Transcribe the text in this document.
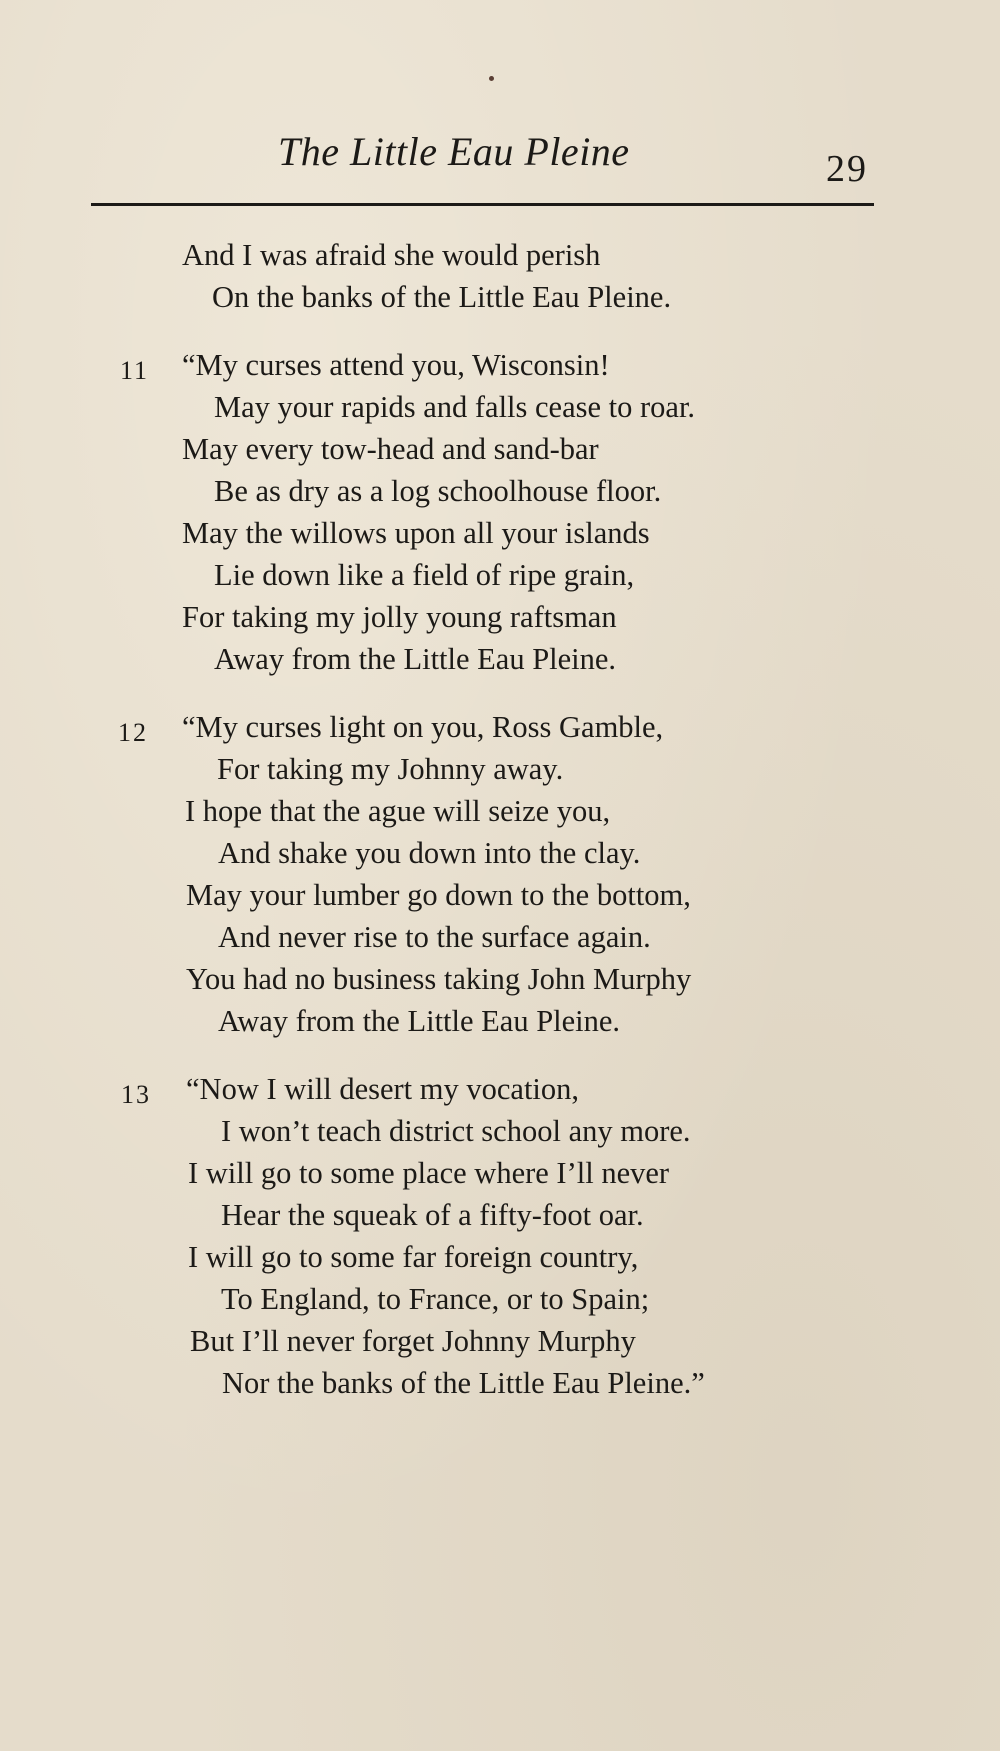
The Little Eau Pleine	29
And I was afraid she would perish
On the banks of the Little Eau Pleine.
11 “My curses attend you, Wisconsin!
May your rapids and falls cease to roar.
May every tow-head and sand-bar
Be as dry as a log schoolhouse floor.
May the willows upon all your islands
Lie down like a field of ripe grain,
For taking my jolly young raftsman
Away from the Little Eau Pleine.
12 “My curses light on you, Ross Gamble,
For taking my Johnny away.
I hope that the ague will seize you,
And shake you down into the clay.
May your lumber go down to the bottom,
And never rise to the surface again.
You had no business taking John Murphy
Away from the Little Eau Pleine.
13 “Now I will desert my vocation,
I won’t teach district school any more.
I will go to some place where I’ll never
Hear the squeak of a fifty-foot oar.
I will go to some far foreign country,
To England, to France, or to Spain;
But I’ll never forget Johnny Murphy
Nor the banks of the Little Eau Pleine.”
